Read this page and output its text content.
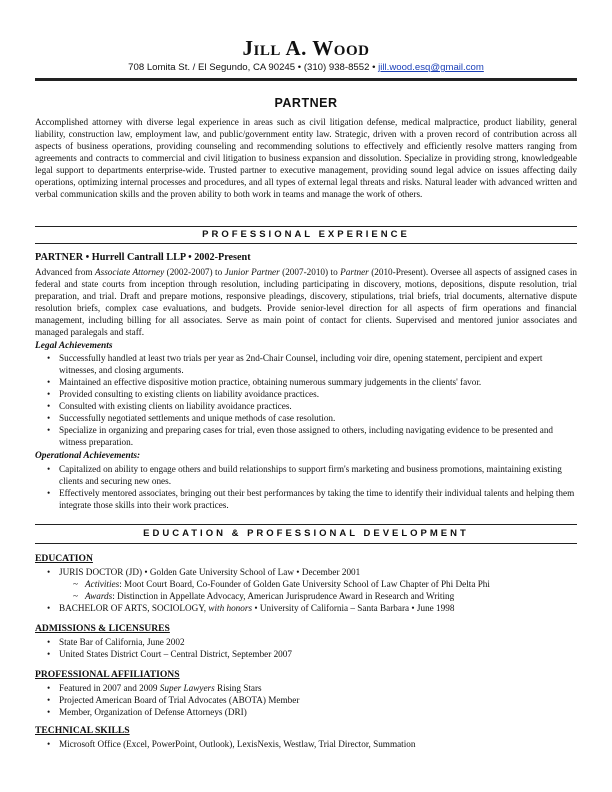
Jill A. Wood
708 Lomita St. / El Segundo, CA 90245 • (310) 938-8552 • jill.wood.esq@gmail.com
PARTNER
Accomplished attorney with diverse legal experience in areas such as civil litigation defense, medical malpractice, product liability, general liability, construction law, employment law, and public/government entity law. Strategic, driven with a proven record of contribution across all aspects of business operations, providing counseling and recommending solutions to effectively and efficiently resolve matters ranging from agreements and contracts to commercial and civil litigation to business expansion and dissolution. Specialize in providing strong, knowledgeable legal support to departments enterprise-wide. Trusted partner to executive management, providing sound legal advice on issues affecting daily operations, optimizing internal processes and procedures, and all types of external legal threats and risks. Natural leader with advanced written and verbal communication skills and the proven ability to both work in teams and manage the work of others.
PROFESSIONAL EXPERIENCE
PARTNER • Hurrell Cantrall LLP • 2002-Present
Advanced from Associate Attorney (2002-2007) to Junior Partner (2007-2010) to Partner (2010-Present). Oversee all aspects of assigned cases in federal and state courts from inception through resolution, including participating in discovery, motions, depositions, dispute resolution, trial preparation, and trial. Draft and prepare motions, responsive pleadings, discovery, stipulations, trial briefs, trial documents, alternative dispute resolution briefs, complex case evaluations, and budgets. Provide senior-level direction for all aspects of firm operations and financial management, including billing for all associates. Serve as main point of contact for clients. Supervised and mentored junior associates and managed paralegals and staff.
Legal Achievements
• Successfully handled at least two trials per year as 2nd-Chair Counsel, including voir dire, opening statement, percipient and expert witnesses, and closing arguments.
• Maintained an effective dispositive motion practice, obtaining numerous summary judgements in the clients' favor.
• Provided consulting to existing clients on liability avoidance practices.
• Consulted with existing clients on liability avoidance practices.
• Successfully negotiated settlements and unique methods of case resolution.
• Specialize in organizing and preparing cases for trial, even those assigned to others, including navigating evidence to be presented and witness preparation.
Operational Achievements:
• Capitalized on ability to engage others and build relationships to support firm's marketing and business promotions, maintaining existing clients and securing new ones.
• Effectively mentored associates, bringing out their best performances by taking the time to identify their individual talents and helping them integrate those skills into their work practices.
EDUCATION & PROFESSIONAL DEVELOPMENT
EDUCATION
• JURIS DOCTOR (JD) • Golden Gate University School of Law • December 2001
~ Activities: Moot Court Board, Co-Founder of Golden Gate University School of Law Chapter of Phi Delta Phi
~ Awards: Distinction in Appellate Advocacy, American Jurisprudence Award in Research and Writing
• BACHELOR OF ARTS, SOCIOLOGY, with honors • University of California – Santa Barbara • June 1998
ADMISSIONS & LICENSURES
• State Bar of California, June 2002
• United States District Court – Central District, September 2007
PROFESSIONAL AFFILIATIONS
• Featured in 2007 and 2009 Super Lawyers Rising Stars
• Projected American Board of Trial Advocates (ABOTA) Member
• Member, Organization of Defense Attorneys (DRI)
TECHNICAL SKILLS
• Microsoft Office (Excel, PowerPoint, Outlook), LexisNexis, Westlaw, Trial Director, Summation
